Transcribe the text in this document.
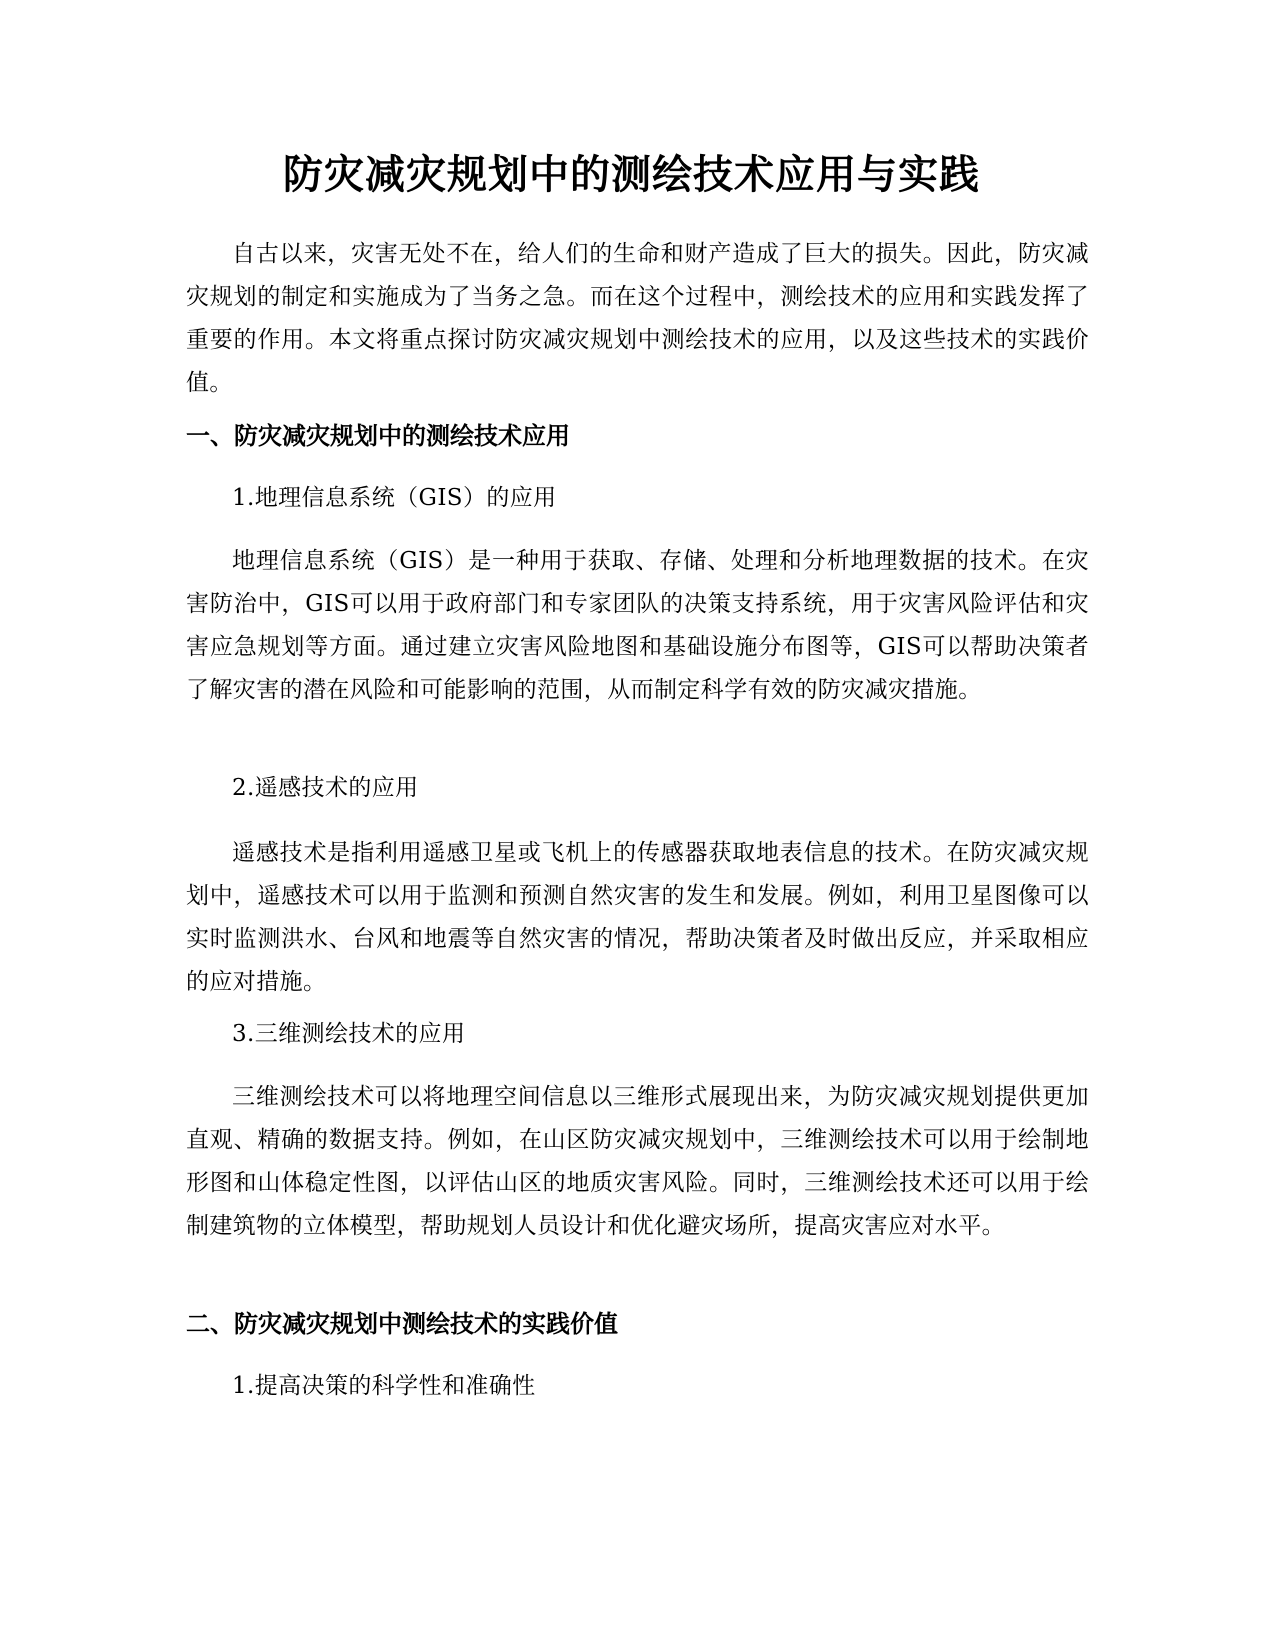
防灾减灾规划中的测绘技术应用与实践

自古以来，灾害无处不在，给人们的生命和财产造成了巨大的损失。因此，防灾减灾规划的制定和实施成为了当务之急。而在这个过程中，测绘技术的应用和实践发挥了重要的作用。本文将重点探讨防灾减灾规划中测绘技术的应用，以及这些技术的实践价值。

一、防灾减灾规划中的测绘技术应用

1.地理信息系统（GIS）的应用

地理信息系统（GIS）是一种用于获取、存储、处理和分析地理数据的技术。在灾害防治中，GIS可以用于政府部门和专家团队的决策支持系统，用于灾害风险评估和灾害应急规划等方面。通过建立灾害风险地图和基础设施分布图等，GIS可以帮助决策者了解灾害的潜在风险和可能影响的范围，从而制定科学有效的防灾减灾措施。

2.遥感技术的应用

遥感技术是指利用遥感卫星或飞机上的传感器获取地表信息的技术。在防灾减灾规划中，遥感技术可以用于监测和预测自然灾害的发生和发展。例如，利用卫星图像可以实时监测洪水、台风和地震等自然灾害的情况，帮助决策者及时做出反应，并采取相应的应对措施。

3.三维测绘技术的应用

三维测绘技术可以将地理空间信息以三维形式展现出来，为防灾减灾规划提供更加直观、精确的数据支持。例如，在山区防灾减灾规划中，三维测绘技术可以用于绘制地形图和山体稳定性图，以评估山区的地质灾害风险。同时，三维测绘技术还可以用于绘制建筑物的立体模型，帮助规划人员设计和优化避灾场所，提高灾害应对水平。

二、防灾减灾规划中测绘技术的实践价值

1.提高决策的科学性和准确性
